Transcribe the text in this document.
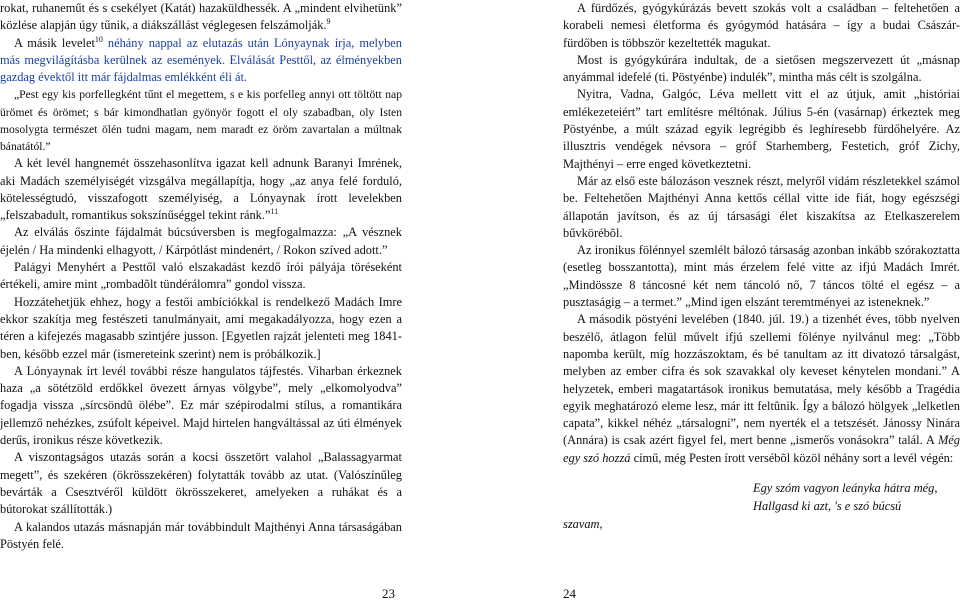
rokat, ruhaneműt és s csekélyet (Katát) hazaküldhessék. A „mindent elvihetünk” közlése alapján úgy tűnik, a diákszállást véglegesen felszámolják.$^9$

A másik levelet$^{10}$ néhány nappal az elutazás után Lónyaynak írja, melyben más megvilágításba kerülnek az események. Elválását Pesttől, az élményekben gazdag évektől itt már fájdalmas emlékként éli át.

„Pest egy kis porfellegként tűnt el megettem, s e kis porfelleg annyi ott töltött nap ürömet és örömet; s bár kimondhatlan gyönyör fogott el oly szabadban, oly Isten mosolygta természet ölén tudni magam, nem maradt ez öröm zavartalan a múltnak bánatától.”

A két levél hangnemét összehasonlítva igazat kell adnunk Baranyi Imrének, aki Madách személyiségét vizsgálva megállapítja, hogy „az anya felé forduló, kötelességtudó, visszafogott személyiség, a Lónyaynak írott levelekben „felszabadult, romantikus sokszínűséggel tekint ránk.”$^{11}$

Az elválás őszinte fájdalmát búcsúversben is megfogalmazza: „A vésznek éjelén / Ha mindenki elhagyott, / Kárpótlást mindenért, / Rokon szíved adott.”

Palágyi Menyhért a Pesttől való elszakadást kezdő írói pályája töréseként értékeli, amire mint „rombadõlt tündérálomra” gondol vissza.

Hozzátehetjük ehhez, hogy a festői ambíciókkal is rendelkező Madách Imre ekkor szakítja meg festészeti tanulmányait, ami megakadályozza, hogy ezen a téren a kifejezés magasabb szintjére jusson. [Egyetlen rajzát jelenteti meg 1841-ben, később ezzel már (ismereteink szerint) nem is próbálkozik.]

A Lónyaynak írt levél további része hangulatos tájfestés. Viharban érkeznek haza „a sötétzöld erdőkkel övezett árnyas völgybe”, mely „elkomolyodva” fogadja vissza „sírcsöndû ölébe”. Ez már szépirodalmi stílus, a romantikára jellemző nehézkes, zsúfolt képeivel. Majd hirtelen hangváltással az úti élmények derűs, ironikus része következik.

A viszontagságos utazás során a kocsi összetört valahol „Balassagyarmat megett”, és szekéren (ökrösszekéren) folytatták tovább az utat. (Valószínűleg bevárták a Csesztvéről küldött ökrösszekeret, amelyeken a ruhákat és a bútorokat szállították.)

A kalandos utazás másnapján már továbbindult Majthényi Anna társaságában Pöstyén felé.

23

A fürdőzés, gyógykúrázás bevett szokás volt a családban – feltehetően a korabeli nemesi életforma és gyógymód hatására – így a budai Császár-fürdőben is többször kezeltették magukat.

Most is gyógykúrára indultak, de a sietősen megszervezett út „másnap anyámmal idefelé (ti. Pöstyénbe) indulék”, mintha más célt is szolgálna.

Nyitra, Vadna, Galgóc, Léva mellett vitt el az útjuk, amit „históriai emlékezeteiért” tart említésre méltónak. Július 5-én (vasárnap) érkeztek meg Pöstyénbe, a múlt század egyik legrégibb és leghíresebb fürdőhelyére. Az illusztris vendégek névsora – gróf Starhemberg, Festetich, gróf Zichy, Majthényi – erre enged következtetni.

Már az első este bálozáson vesznek részt, melyről vidám részletekkel számol be. Feltehetően Majthényi Anna kettős céllal vitte ide fiát, hogy egészségi állapotán javítson, és az új társasági élet kiszakítsa az Etelkaszerelem bűvkörébõl.

Az ironikus fölénnyel szemlélt bálozó társaság azonban inkább szórakoztatta (esetleg bosszantotta), mint más érzelem felé vitte az ifjú Madách Imrét. „Mindössze 8 táncosné két nem táncoló nő, 7 táncos tölté el egész – a pusztaságig – a termet.” „Mind igen elszánt teremtményei az isteneknek.”

A második pöstyéni levelében (1840. júl. 19.) a tizenhét éves, több nyelven beszélő, átlagon felül művelt ifjú szellemi fölénye nyilvánul meg: „Több napomba került, míg hozzászoktam, és bé tanultam az itt divatozó társalgást, melyben az ember cifra és sok szavakkal oly keveset kénytelen mondani.” A helyzetek, emberi magatartások ironikus bemutatása, mely később a Tragédia egyik meghatározó eleme lesz, már itt feltûnik. Így a bálozó hölgyek „lelketlen capata”, kikkel néhéz „társalogni”, nem nyerték el a tetszését. Jánossy Ninára (Annára) is csak azért figyel fel, mert benne „ismerős vonásokra” talál. A Még egy szó hozzá című, még Pesten írott versébõl közöl néhány sort a levél végén:

Egy szóm vagyon leánykа hátra még,
Hallgasd ki azt, 's e szó búcsú
szavam,
24
